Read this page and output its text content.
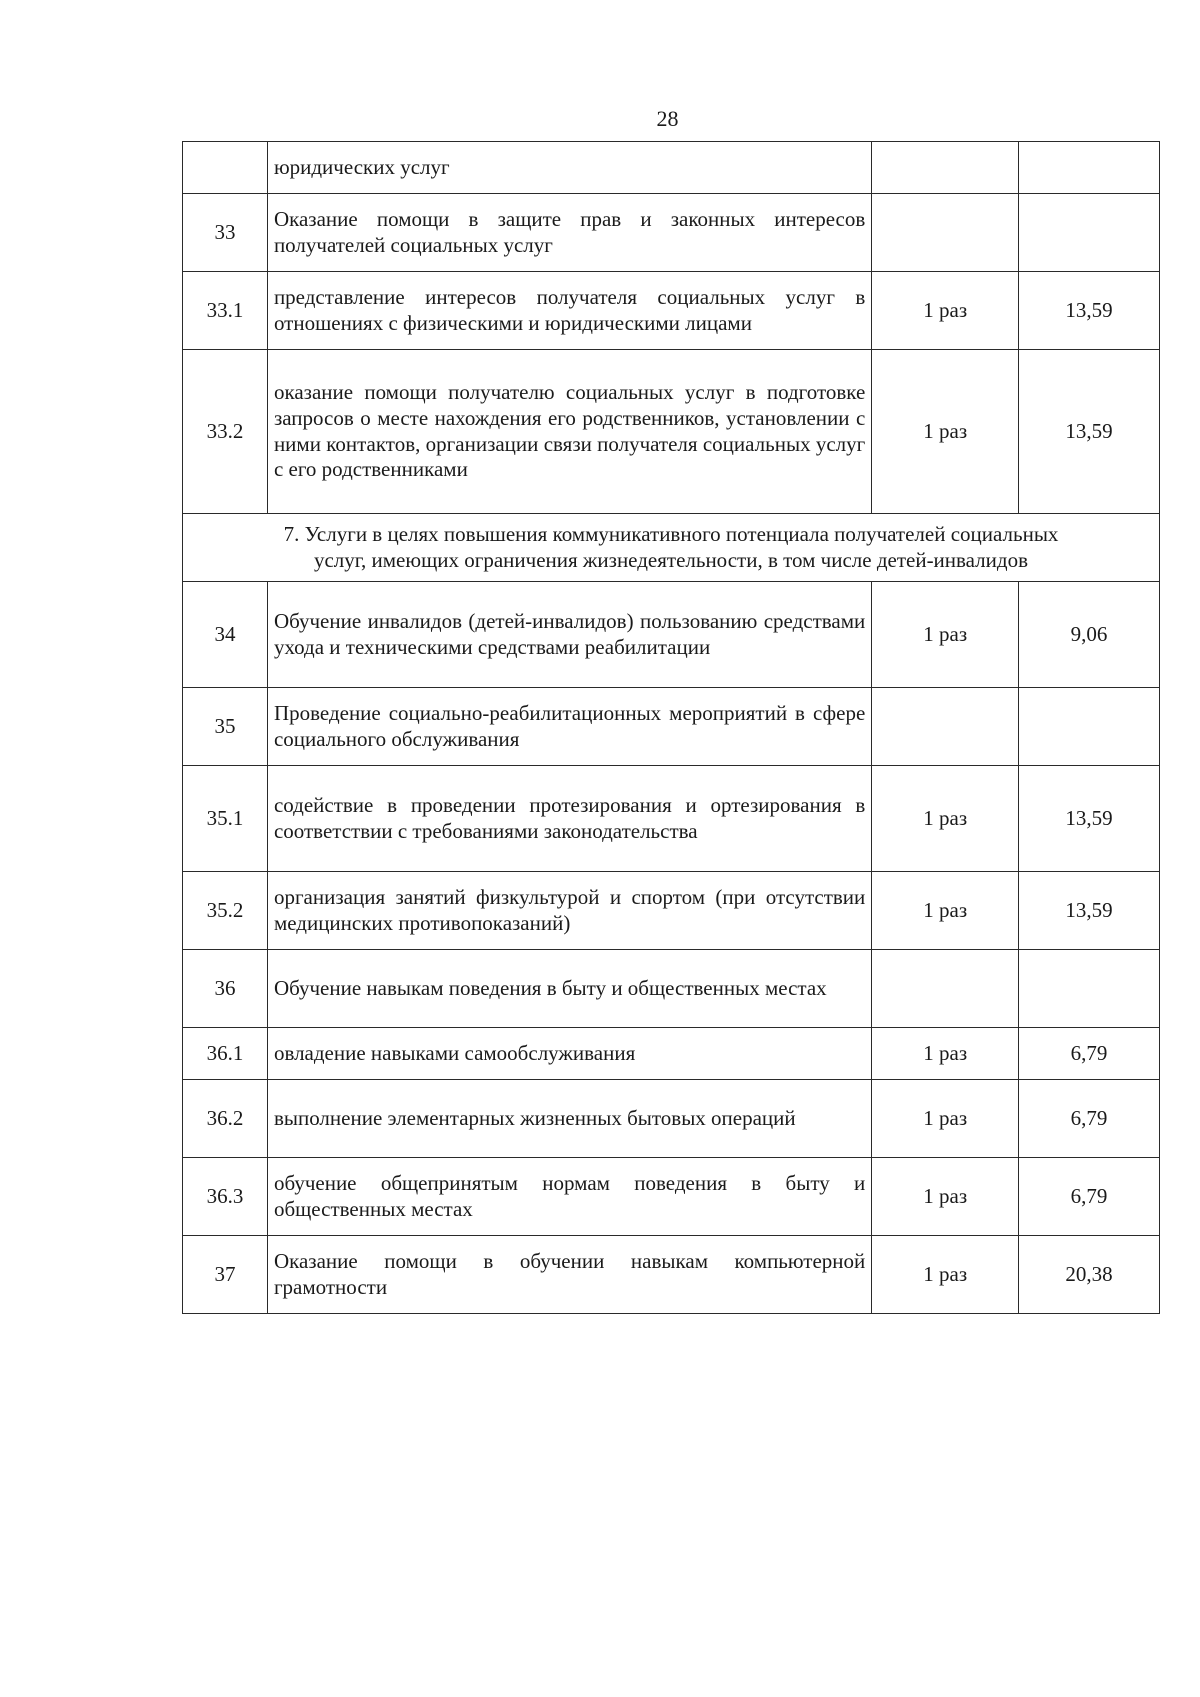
28
	юридических услуг		
33	Оказание помощи в защите прав и законных интересов получателей социальных услуг		
33.1	представление интересов получателя социальных услуг в отношениях с физическими и юридическими лицами	1 раз	13,59
33.2	оказание помощи получателю социальных услуг в подготовке запросов о месте нахождения его родственников, установлении с ними контактов, организации связи получателя социальных услуг с его родственниками	1 раз	13,59

7. Услуги в целях повышения коммуникативного потенциала получателей социальных
услуг, имеющих ограничения жизнедеятельности, в том числе детей-инвалидов			

34	Обучение инвалидов (детей-инвалидов) пользованию средствами ухода и техническими средствами реабилитации	1 раз	9,06
35	Проведение социально-реабилитационных мероприятий в сфере социального обслуживания		
35.1	содействие в проведении протезирования и ортезирования в соответствии с требованиями законодательства	1 раз	13,59
35.2	организация занятий физкультурой и спортом (при отсутствии медицинских противопоказаний)	1 раз	13,59
36	Обучение навыкам поведения в быту и общественных местах		
36.1	овладение навыками самообслуживания	1 раз	6,79
36.2	выполнение элементарных жизненных бытовых операций	1 раз	6,79
36.3	обучение общепринятым нормам поведения в быту и общественных местах	1 раз	6,79
37	Оказание помощи в обучении навыкам компьютерной грамотности	1 раз	20,38
